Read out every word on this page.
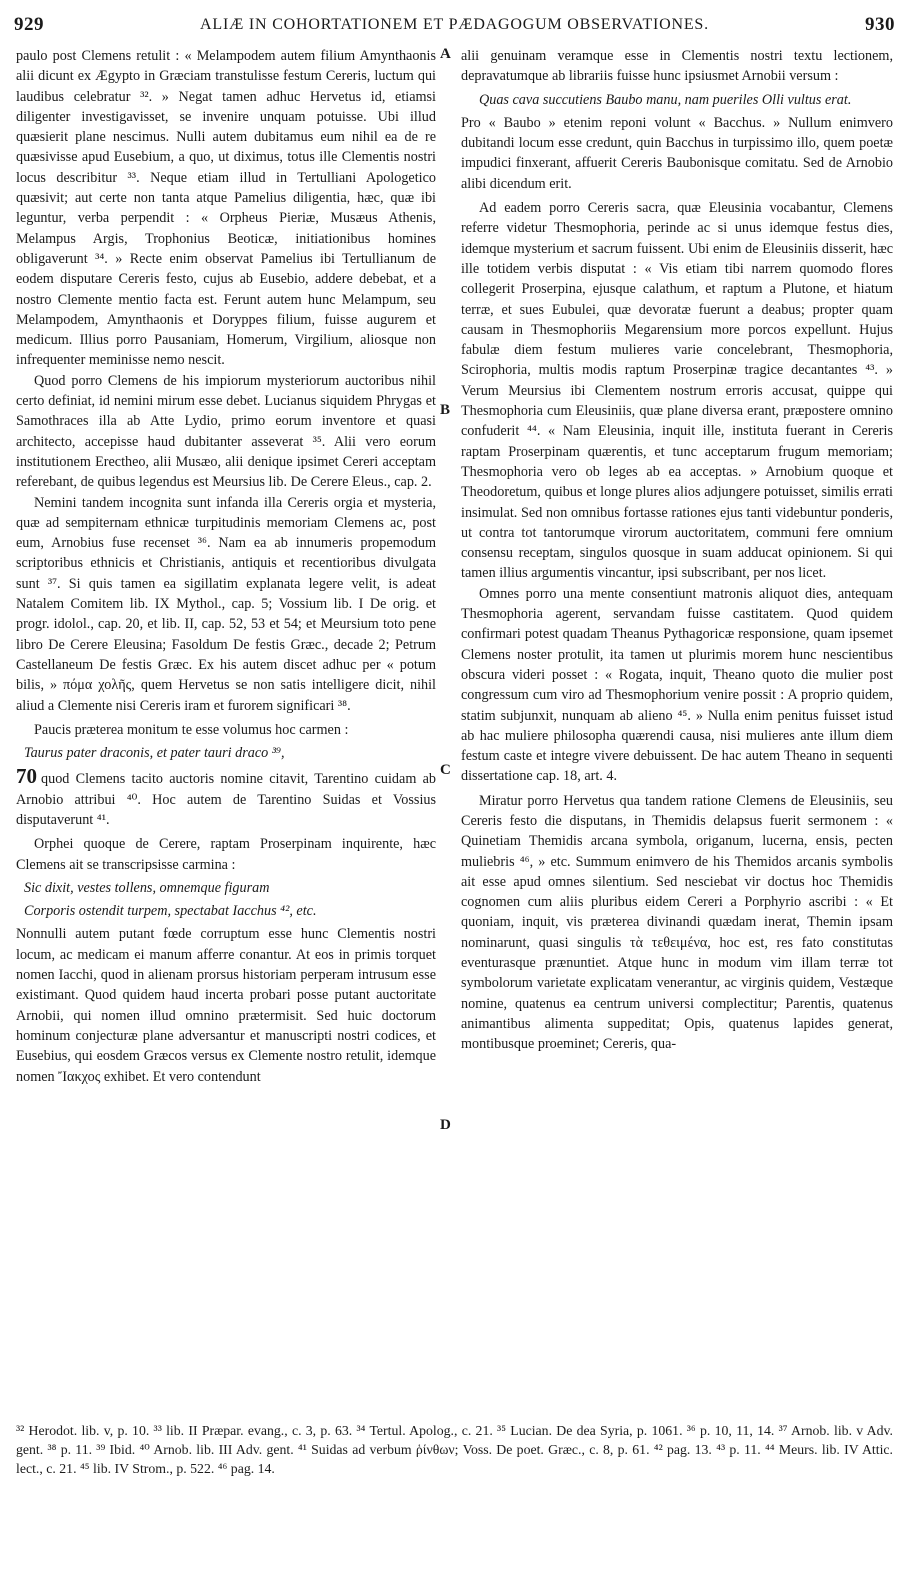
929	ALIÆ IN COHORTATIONEM ET PÆDAGOGUM OBSERVATIONES.	930
A
B
C
D

paulo post Clemens retulit : « Melampodem autem filium Amynthaonis alii dicunt ex Ægypto in Græciam transtulisse festum Cereris, luctum qui laudibus celebratur ³². » Negat tamen adhuc Hervetus id, etiamsi diligenter investigavisset, se invenire unquam potuisse. Ubi illud quæsierit plane nescimus. Nulli autem dubitamus eum nihil ea de re quæsivisse apud Eusebium, a quo, ut diximus, totus ille Clementis nostri locus describitur ³³. Neque etiam illud in Tertulliani Apologetico quæsivit; aut certe non tanta atque Pamelius diligentia, hæc, quæ ibi leguntur, verba perpendit : « Orpheus Pieriæ, Musæus Athenis, Melampus Argis, Trophonius Beoticæ, initiationibus homines obligaverunt ³⁴. » Recte enim observat Pamelius ibi Tertullianum de eodem disputare Cereris festo, cujus ab Eusebio, addere debebat, et a nostro Clemente mentio facta est. Ferunt autem hunc Melampum, seu Melampodem, Amynthaonis et Doryppes filium, fuisse augurem et medicum. Illius porro Pausaniam, Homerum, Virgilium, aliosque non infrequenter meminisse nemo nescit.

Quod porro Clemens de his impiorum mysteriorum auctoribus nihil certo definiat, id nemini mirum esse debet. Lucianus siquidem Phrygas et Samothraces illa ab Atte Lydio, primo eorum inventore et quasi architecto, accepisse haud dubitanter asseverat ³⁵. Alii vero eorum institutionem Erectheo, alii Musæo, alii denique ipsimet Cereri acceptam referebant, de quibus legendus est Meursius lib. De Cerere Eleus., cap. 2.

Nemini tandem incognita sunt infanda illa Cereris orgia et mysteria, quæ ad sempiternam ethnicæ turpitudinis memoriam Clemens ac, post eum, Arnobius fuse recenset ³⁶. Nam ea ab innumeris propemodum scriptoribus ethnicis et Christianis, antiquis et recentioribus divulgata sunt ³⁷. Si quis tamen ea sigillatim explanata legere velit, is adeat Natalem Comitem lib. IX Mythol., cap. 5; Vossium lib. I De orig. et progr. idolol., cap. 20, et lib. II, cap. 52, 53 et 54; et Meursium toto pene libro De Cerere Eleusina; Fasoldum De festis Græc., decade 2; Petrum Castellaneum De festis Græc. Ex his autem discet adhuc per « potum bilis, » πόμα χολῆς, quem Hervetus se non satis intelligere dicit, nihil aliud a Clemente nisi Cereris iram et furorem significari ³⁸.

Paucis præterea monitum te esse volumus hoc carmen :

Taurus pater draconis, et pater tauri draco ³⁹,

70 quod Clemens tacito auctoris nomine citavit, Tarentino cuidam ab Arnobio attribui ⁴⁰. Hoc autem de Tarentino Suidas et Vossius disputaverunt ⁴¹.

Orphei quoque de Cerere, raptam Proserpinam inquirente, hæc Clemens ait se transcripsisse carmina :

Sic dixit, vestes tollens, omnemque figuram

Corporis ostendit turpem, spectabat Iacchus ⁴², etc.

Nonnulli autem putant fœde corruptum esse hunc Clementis nostri locum, ac medicam ei manum afferre conantur. At eos in primis torquet nomen Iacchi, quod in alienam prorsus historiam perperam intrusum esse existimant. Quod quidem haud incerta probari posse putant auctoritate Arnobii, qui nomen illud omnino prætermisit. Sed huic doctorum hominum conjecturæ plane adversantur et manuscripti nostri codices, et Eusebius, qui eosdem Græcos versus ex Clemente nostro retulit, idemque nomen Ἴακχος exhibet. Et vero contendunt

alii genuinam veramque esse in Clementis nostri textu lectionem, depravatumque ab librariis fuisse hunc ipsiusmet Arnobii versum :

Quas cava succutiens Baubo manu, nam pueriles Olli vultus erat.

Pro « Baubo » etenim reponi volunt « Bacchus. » Nullum enimvero dubitandi locum esse credunt, quin Bacchus in turpissimo illo, quem poetæ impudici finxerant, affuerit Cereris Baubonisque comitatu. Sed de Arnobio alibi dicendum erit.

Ad eadem porro Cereris sacra, quæ Eleusinia vocabantur, Clemens referre videtur Thesmophoria, perinde ac si unus idemque festus dies, idemque mysterium et sacrum fuissent. Ubi enim de Eleusiniis disserit, hæc ille totidem verbis disputat : « Vis etiam tibi narrem quomodo flores collegerit Proserpina, ejusque calathum, et raptum a Plutone, et hiatum terræ, et sues Eubulei, quæ devoratæ fuerunt a deabus; propter quam causam in Thesmophoriis Megarensium more porcos expellunt. Hujus fabulæ diem festum mulieres varie concelebrant, Thesmophoria, Scirophoria, multis modis raptum Proserpinæ tragice decantantes ⁴³. » Verum Meursius ibi Clementem nostrum erroris accusat, quippe qui Thesmophoria cum Eleusiniis, quæ plane diversa erant, præpostere omnino confuderit ⁴⁴. « Nam Eleusinia, inquit ille, instituta fuerant in Cereris raptam Proserpinam quærentis, et tunc acceptarum frugum memoriam; Thesmophoria vero ob leges ab ea acceptas. » Arnobium quoque et Theodoretum, quibus et longe plures alios adjungere potuisset, similis errati insimulat. Sed non omnibus fortasse rationes ejus tanti videbuntur ponderis, ut contra tot tantorumque virorum auctoritatem, communi fere omnium consensu receptam, singulos quosque in suam adducat opinionem. Si qui tamen illius argumentis vincantur, ipsi subscribant, per nos licet.

Omnes porro una mente consentiunt matronis aliquot dies, antequam Thesmophoria agerent, servandam fuisse castitatem. Quod quidem confirmari potest quadam Theanus Pythagoricæ responsione, quam ipsemet Clemens noster protulit, ita tamen ut plurimis morem hunc nescientibus obscura videri posset : « Rogata, inquit, Theano quoto die mulier post congressum cum viro ad Thesmophorium venire possit : A proprio quidem, statim subjunxit, nunquam ab alieno ⁴⁵. » Nulla enim penitus fuisset istud ab hac muliere philosopha quærendi causa, nisi mulieres ante illum diem festum caste et integre vivere debuissent. De hac autem Theano in sequenti dissertatione cap. 18, art. 4.

Miratur porro Hervetus qua tandem ratione Clemens de Eleusiniis, seu Cereris festo die disputans, in Themidis delapsus fuerit sermonem : « Quinetiam Themidis arcana symbola, origanum, lucerna, ensis, pecten muliebris ⁴⁶, » etc. Summum enimvero de his Themidos arcanis symbolis ait esse apud omnes silentium. Sed nesciebat vir doctus hoc Themidis cognomen cum aliis pluribus eidem Cereri a Porphyrio ascribi : « Et quoniam, inquit, vis præterea divinandi quædam inerat, Themin ipsam nominarunt, quasi singulis τὰ τεθειμένα, hoc est, res fato constitutas eventurasque prænuntiet. Atque hunc in modum vim illam terræ tot symbolorum varietate explicatam venerantur, ac virginis quidem, Vestæque nomine, quatenus ea centrum universi complectitur; Parentis, quatenus animantibus alimenta suppeditat; Opis, quatenus lapides generat, montibusque proeminet; Cereris, qua-

³² Herodot. lib. v, p. 10. ³³ lib. II Præpar. evang., c. 3, p. 63. ³⁴ Tertul. Apolog., c. 21. ³⁵ Lucian. De dea Syria, p. 1061. ³⁶ p. 10, 11, 14. ³⁷ Arnob. lib. v Adv. gent. ³⁸ p. 11. ³⁹ Ibid. ⁴⁰ Arnob. lib. III Adv. gent. ⁴¹ Suidas ad verbum ῥίνθων; Voss. De poet. Græc., c. 8, p. 61. ⁴² pag. 13. ⁴³ p. 11. ⁴⁴ Meurs. lib. IV Attic. lect., c. 21. ⁴⁵ lib. IV Strom., p. 522. ⁴⁶ pag. 14.
